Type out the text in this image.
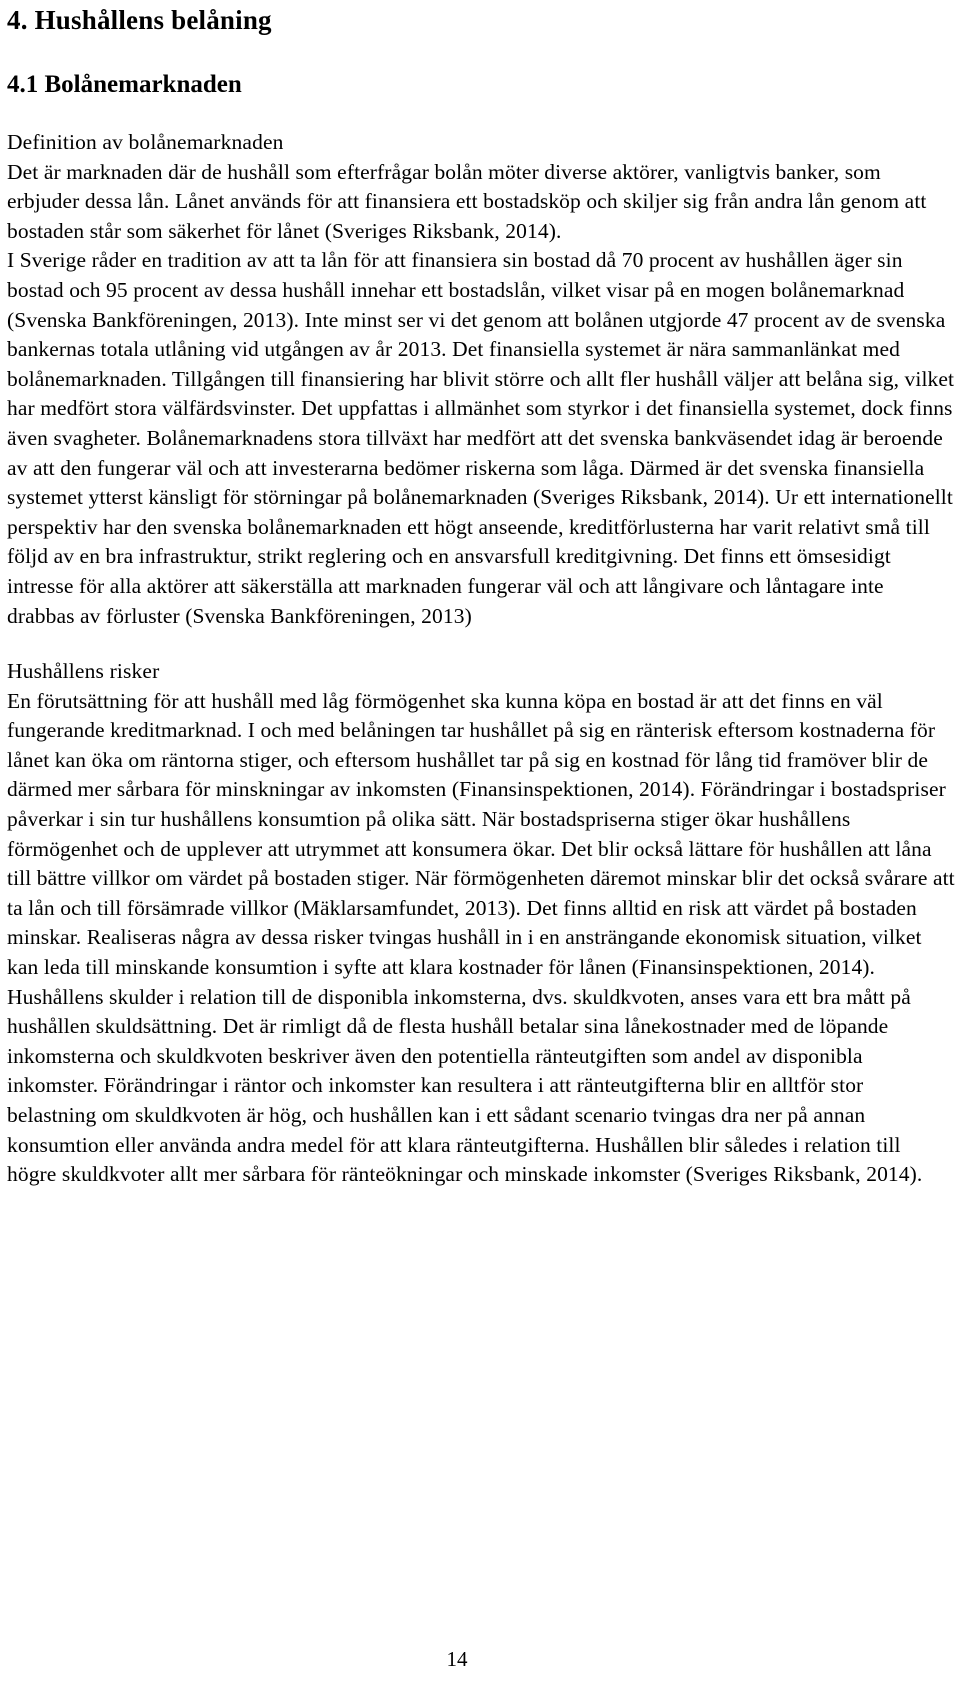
4. Hushållens belåning
4.1 Bolånemarknaden
Definition av bolånemarknaden

Det är marknaden där de hushåll som efterfrågar bolån möter diverse aktörer, vanligtvis banker, som erbjuder dessa lån. Lånet används för att finansiera ett bostadsköp och skiljer sig från andra lån genom att bostaden står som säkerhet för lånet (Sveriges Riksbank, 2014).

I Sverige råder en tradition av att ta lån för att finansiera sin bostad då 70 procent av hushållen äger sin bostad och 95 procent av dessa hushåll innehar ett bostadslån, vilket visar på en mogen bolånemarknad (Svenska Bankföreningen, 2013). Inte minst ser vi det genom att bolånen utgjorde 47 procent av de svenska bankernas totala utlåning vid utgången av år 2013. Det finansiella systemet är nära sammanlänkat med bolånemarknaden. Tillgången till finansiering har blivit större och allt fler hushåll väljer att belåna sig, vilket har medfört stora välfärdsvinster. Det uppfattas i allmänhet som styrkor i det finansiella systemet, dock finns även svagheter. Bolånemarknadens stora tillväxt har medfört att det svenska bankväsendet idag är beroende av att den fungerar väl och att investerarna bedömer riskerna som låga. Därmed är det svenska finansiella systemet ytterst känsligt för störningar på bolånemarknaden (Sveriges Riksbank, 2014). Ur ett internationellt perspektiv har den svenska bolånemarknaden ett högt anseende, kreditförlusterna har varit relativt små till följd av en bra infrastruktur, strikt reglering och en ansvarsfull kreditgivning. Det finns ett ömsesidigt intresse för alla aktörer att säkerställa att marknaden fungerar väl och att långivare och låntagare inte drabbas av förluster (Svenska Bankföreningen, 2013)

Hushållens risker

En förutsättning för att hushåll med låg förmögenhet ska kunna köpa en bostad är att det finns en väl fungerande kreditmarknad. I och med belåningen tar hushållet på sig en ränterisk eftersom kostnaderna för lånet kan öka om räntorna stiger, och eftersom hushållet tar på sig en kostnad för lång tid framöver blir de därmed mer sårbara för minskningar av inkomsten (Finansinspektionen, 2014). Förändringar i bostadspriser påverkar i sin tur hushållens konsumtion på olika sätt. När bostadspriserna stiger ökar hushållens förmögenhet och de upplever att utrymmet att konsumera ökar. Det blir också lättare för hushållen att låna till bättre villkor om värdet på bostaden stiger. När förmögenheten däremot minskar blir det också svårare att ta lån och till försämrade villkor (Mäklarsamfundet, 2013). Det finns alltid en risk att värdet på bostaden minskar. Realiseras några av dessa risker tvingas hushåll in i en ansträngande ekonomisk situation, vilket kan leda till minskande konsumtion i syfte att klara kostnader för lånen (Finansinspektionen, 2014).

Hushållens skulder i relation till de disponibla inkomsterna, dvs. skuldkvoten, anses vara ett bra mått på hushållen skuldsättning. Det är rimligt då de flesta hushåll betalar sina lånekostnader med de löpande inkomsterna och skuldkvoten beskriver även den potentiella ränteutgiften som andel av disponibla inkomster. Förändringar i räntor och inkomster kan resultera i att ränteutgifterna blir en alltför stor belastning om skuldkvoten är hög, och hushållen kan i ett sådant scenario tvingas dra ner på annan konsumtion eller använda andra medel för att klara ränteutgifterna. Hushållen blir således i relation till högre skuldkvoter allt mer sårbara för ränteökningar och minskade inkomster (Sveriges Riksbank, 2014).

14
